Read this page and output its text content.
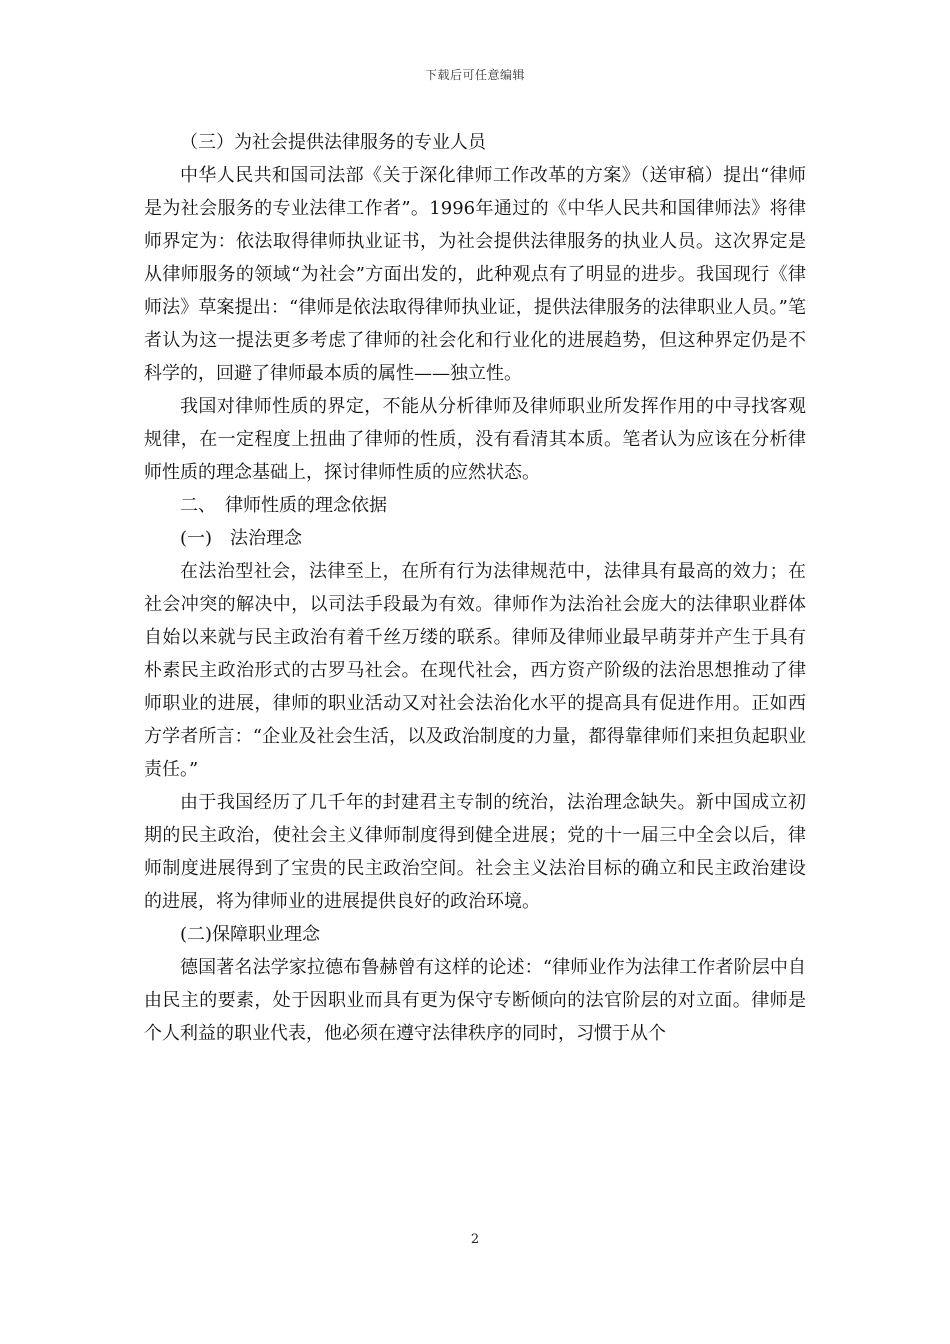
下载后可任意编辑

（三）为社会提供法律服务的专业人员

中华人民共和国司法部《关于深化律师工作改革的方案》（送审稿）提出“律师是为社会服务的专业法律工作者”。1996年通过的《中华人民共和国律师法》将律师界定为：依法取得律师执业证书，为社会提供法律服务的执业人员。这次界定是从律师服务的领域“为社会”方面出发的，此种观点有了明显的进步。我国现行《律师法》草案提出：“律师是依法取得律师执业证，提供法律服务的法律职业人员。”笔者认为这一提法更多考虑了律师的社会化和行业化的进展趋势，但这种界定仍是不科学的，回避了律师最本质的属性——独立性。

我国对律师性质的界定，不能从分析律师及律师职业所发挥作用的中寻找客观规律，在一定程度上扭曲了律师的性质，没有看清其本质。笔者认为应该在分析律师性质的理念基础上，探讨律师性质的应然状态。

二、　律师性质的理念依据

(一)　法治理念

在法治型社会，法律至上，在所有行为法律规范中，法律具有最高的效力；在社会冲突的解决中，以司法手段最为有效。律师作为法治社会庞大的法律职业群体自始以来就与民主政治有着千丝万缕的联系。律师及律师业最早萌芽并产生于具有朴素民主政治形式的古罗马社会。在现代社会，西方资产阶级的法治思想推动了律师职业的进展，律师的职业活动又对社会法治化水平的提高具有促进作用。正如西方学者所言：“企业及社会生活，以及政治制度的力量，都得靠律师们来担负起职业责任。”

由于我国经历了几千年的封建君主专制的统治，法治理念缺失。新中国成立初期的民主政治，使社会主义律师制度得到健全进展；党的十一届三中全会以后，律师制度进展得到了宝贵的民主政治空间。社会主义法治目标的确立和民主政治建设的进展，将为律师业的进展提供良好的政治环境。

(二)保障职业理念

德国著名法学家拉德布鲁赫曾有这样的论述：“律师业作为法律工作者阶层中自由民主的要素，处于因职业而具有更为保守专断倾向的法官阶层的对立面。律师是个人利益的职业代表，他必须在遵守法律秩序的同时，习惯于从个

2
